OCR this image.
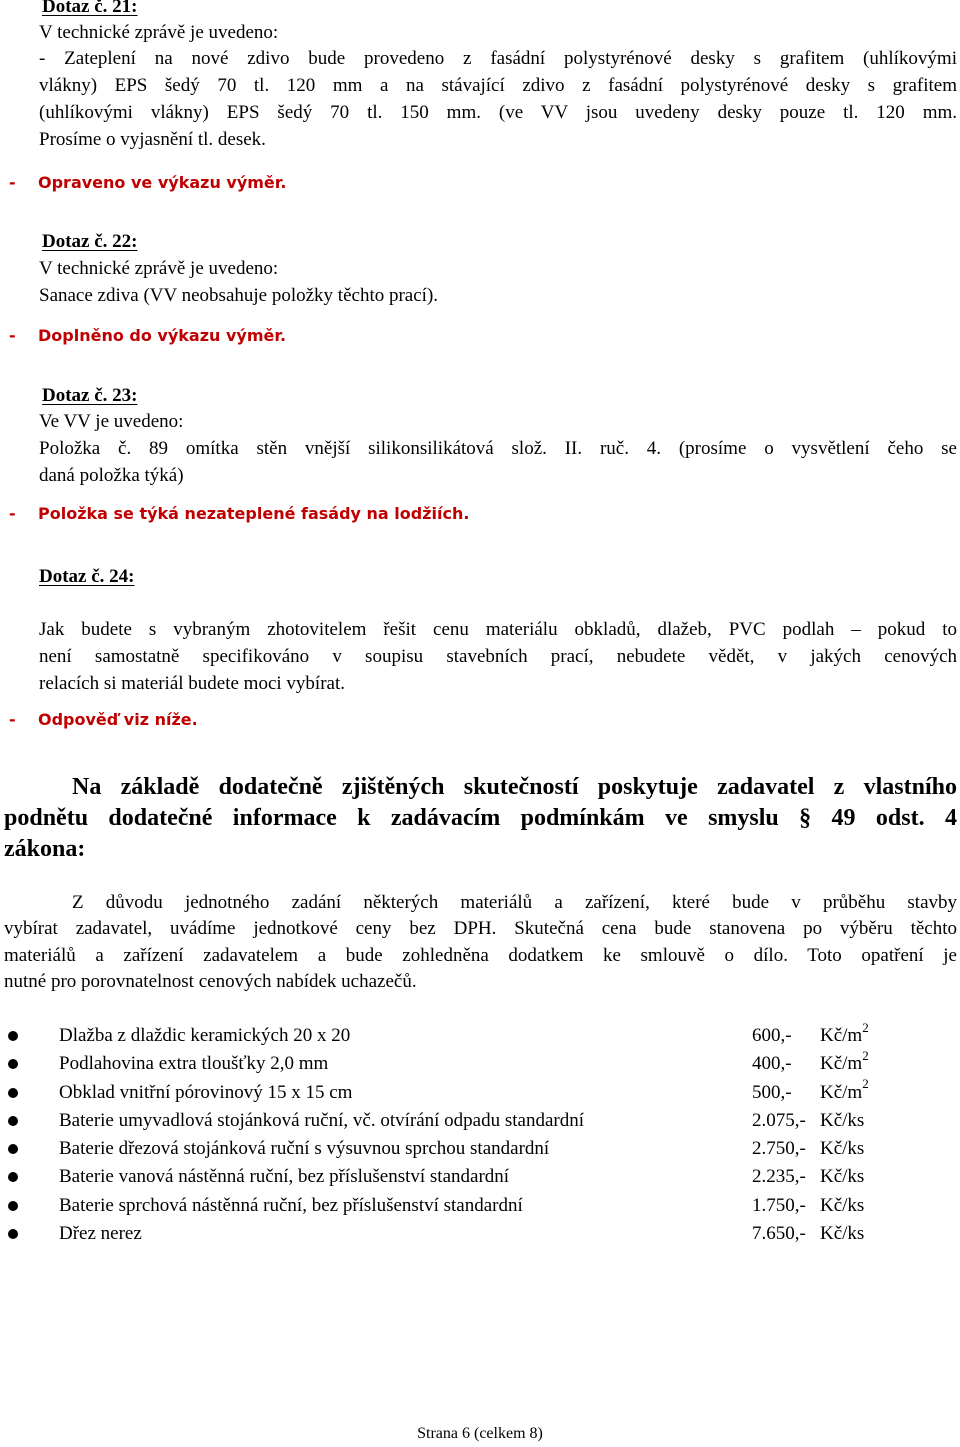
Dotaz č. 21:
V technické zprávě je uvedeno:
- Zateplení na nové zdivo bude provedeno z fasádní polystyrénové desky s grafitem (uhlíkovými
vlákny) EPS šedý 70 tl. 120 mm a na stávající zdivo z fasádní polystyrénové desky s grafitem
(uhlíkovými vlákny) EPS šedý 70 tl. 150 mm. (ve VV jsou uvedeny desky pouze tl. 120 mm.
Prosíme o vyjasnění tl. desek.
- Opraveno ve výkazu výměr.
Dotaz č. 22:
V technické zprávě je uvedeno:
Sanace zdiva (VV neobsahuje položky těchto prací).
- Doplněno do výkazu výměr.
Dotaz č. 23:
Ve VV je uvedeno:
Položka č. 89 omítka stěn vnější silikonsilikátová slož. II. ruč. 4. (prosíme o vysvětlení čeho se
daná položka týká)
- Položka se týká nezateplené fasády na lodžiích.
Dotaz č. 24:
Jak budete s vybraným zhotovitelem řešit cenu materiálu obkladů, dlažeb, PVC podlah – pokud to
není samostatně specifikováno v soupisu stavebních prací, nebudete vědět, v jakých cenových
relacích si materiál budete moci vybírat.
- Odpověď viz níže.
Na základě dodatečně zjištěných skutečností poskytuje zadavatel z vlastního
podnětu dodatečné informace k zadávacím podmínkám ve smyslu § 49 odst. 4
zákona:
Z důvodu jednotného zadání některých materiálů a zařízení, které bude v průběhu stavby
vybírat zadavatel, uvádíme jednotkové ceny bez DPH. Skutečná cena bude stanovena po výběru těchto
materiálů a zařízení zadavatelem a bude zohledněna dodatkem ke smlouvě o dílo. Toto opatření je
nutné pro porovnatelnost cenových nabídek uchazečů.
Dlažba z dlaždic keramických 20 x 20	600,- $Kč/m^2$
Podlahovina extra tloušťky 2,0 mm	400,- $Kč/m^2$
Obklad vnitřní pórovinový 15 x 15 cm	500,- $Kč/m^2$
Baterie umyvadlová stojánková ruční, vč. otvírání odpadu standardní	2.075,- Kč/ks
Baterie dřezová stojánková ruční s výsuvnou sprchou standardní	2.750,- Kč/ks
Baterie vanová nástěnná ruční, bez příslušenství standardní	2.235,- Kč/ks
Baterie sprchová nástěnná ruční, bez příslušenství standardní	1.750,- Kč/ks
Dřez nerez	7.650,- Kč/ks
Strana 6 (celkem 8)
